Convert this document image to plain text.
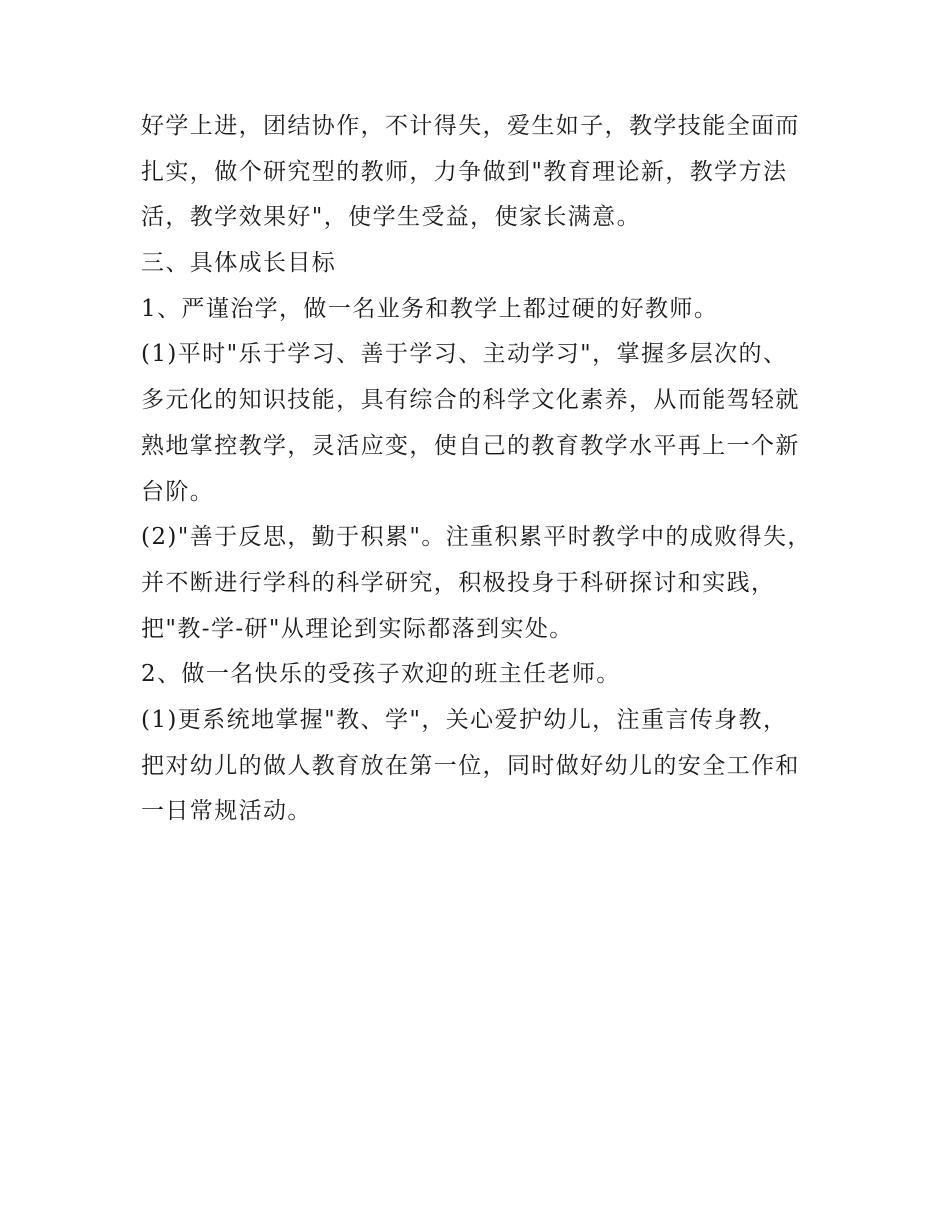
好学上进，团结协作，不计得失，爱生如子，教学技能全面而
扎实，做个研究型的教师，力争做到"教育理论新，教学方法
活，教学效果好"，使学生受益，使家长满意。
三、具体成长目标
1、严谨治学，做一名业务和教学上都过硬的好教师。
(1)平时"乐于学习、善于学习、主动学习"，掌握多层次的、
多元化的知识技能，具有综合的科学文化素养，从而能驾轻就
熟地掌控教学，灵活应变，使自己的教育教学水平再上一个新
台阶。
(2)"善于反思，勤于积累"。注重积累平时教学中的成败得失，
并不断进行学科的科学研究，积极投身于科研探讨和实践，
把"教-学-研"从理论到实际都落到实处。
2、做一名快乐的受孩子欢迎的班主任老师。
(1)更系统地掌握"教、学"，关心爱护幼儿，注重言传身教，
把对幼儿的做人教育放在第一位，同时做好幼儿的安全工作和
一日常规活动。
